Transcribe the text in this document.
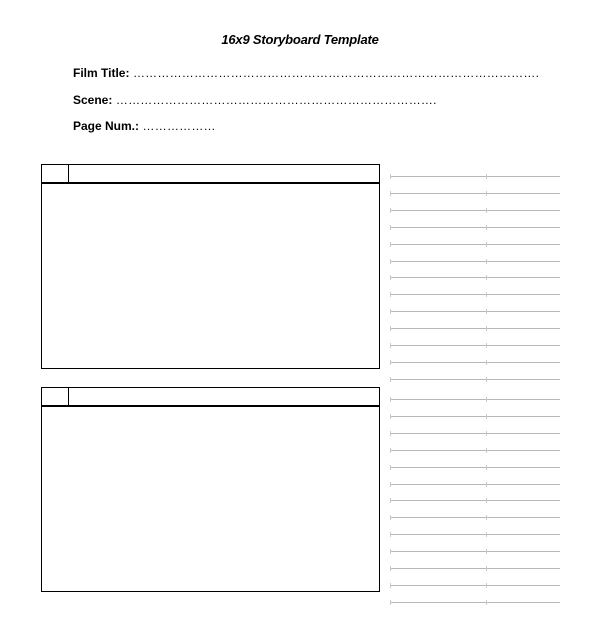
16x9 Storyboard Template
Film Title: ……………………………………………………………………………………….
Scene: …………………………………………………………………….
Page Num.: ………………
